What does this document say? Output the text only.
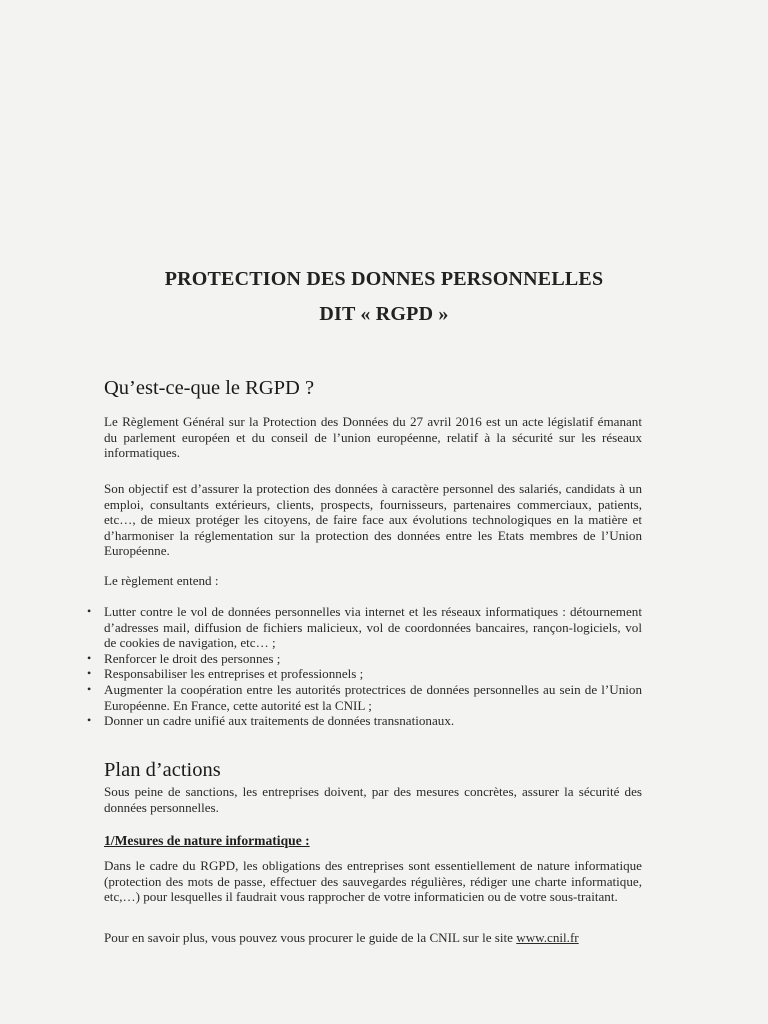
PROTECTION DES DONNES PERSONNELLES
DIT « RGPD »
Qu’est-ce-que le RGPD ?

Le Règlement Général sur la Protection des Données du 27 avril 2016 est un acte législatif émanant du parlement européen et du conseil de l’union européenne, relatif à la sécurité sur les réseaux informatiques.

Son objectif est d’assurer la protection des données à caractère personnel des salariés, candidats à un emploi, consultants extérieurs, clients, prospects, fournisseurs, partenaires commerciaux, patients, etc…, de mieux protéger les citoyens, de faire face aux évolutions technologiques en la matière et d’harmoniser la réglementation sur la protection des données entre les Etats membres de l’Union Européenne.

Le règlement entend :

• Lutter contre le vol de données personnelles via internet et les réseaux informatiques : détournement d’adresses mail, diffusion de fichiers malicieux, vol de coordonnées bancaires, rançon-logiciels, vol de cookies de navigation, etc… ;
• Renforcer le droit des personnes ;
• Responsabiliser les entreprises et professionnels ;
• Augmenter la coopération entre les autorités protectrices de données personnelles au sein de l’Union Européenne. En France, cette autorité est la CNIL ;
• Donner un cadre unifié aux traitements de données transnationaux.
Plan d’actions

Sous peine de sanctions, les entreprises doivent, par des mesures concrètes, assurer la sécurité des données personnelles.

1/Mesures de nature informatique :

Dans le cadre du RGPD, les obligations des entreprises sont essentiellement de nature informatique (protection des mots de passe, effectuer des sauvegardes régulières, rédiger une charte informatique, etc,…) pour lesquelles il faudrait vous rapprocher de votre informaticien ou de votre sous-traitant.

Pour en savoir plus, vous pouvez vous procurer le guide de la CNIL sur le site www.cnil.fr
